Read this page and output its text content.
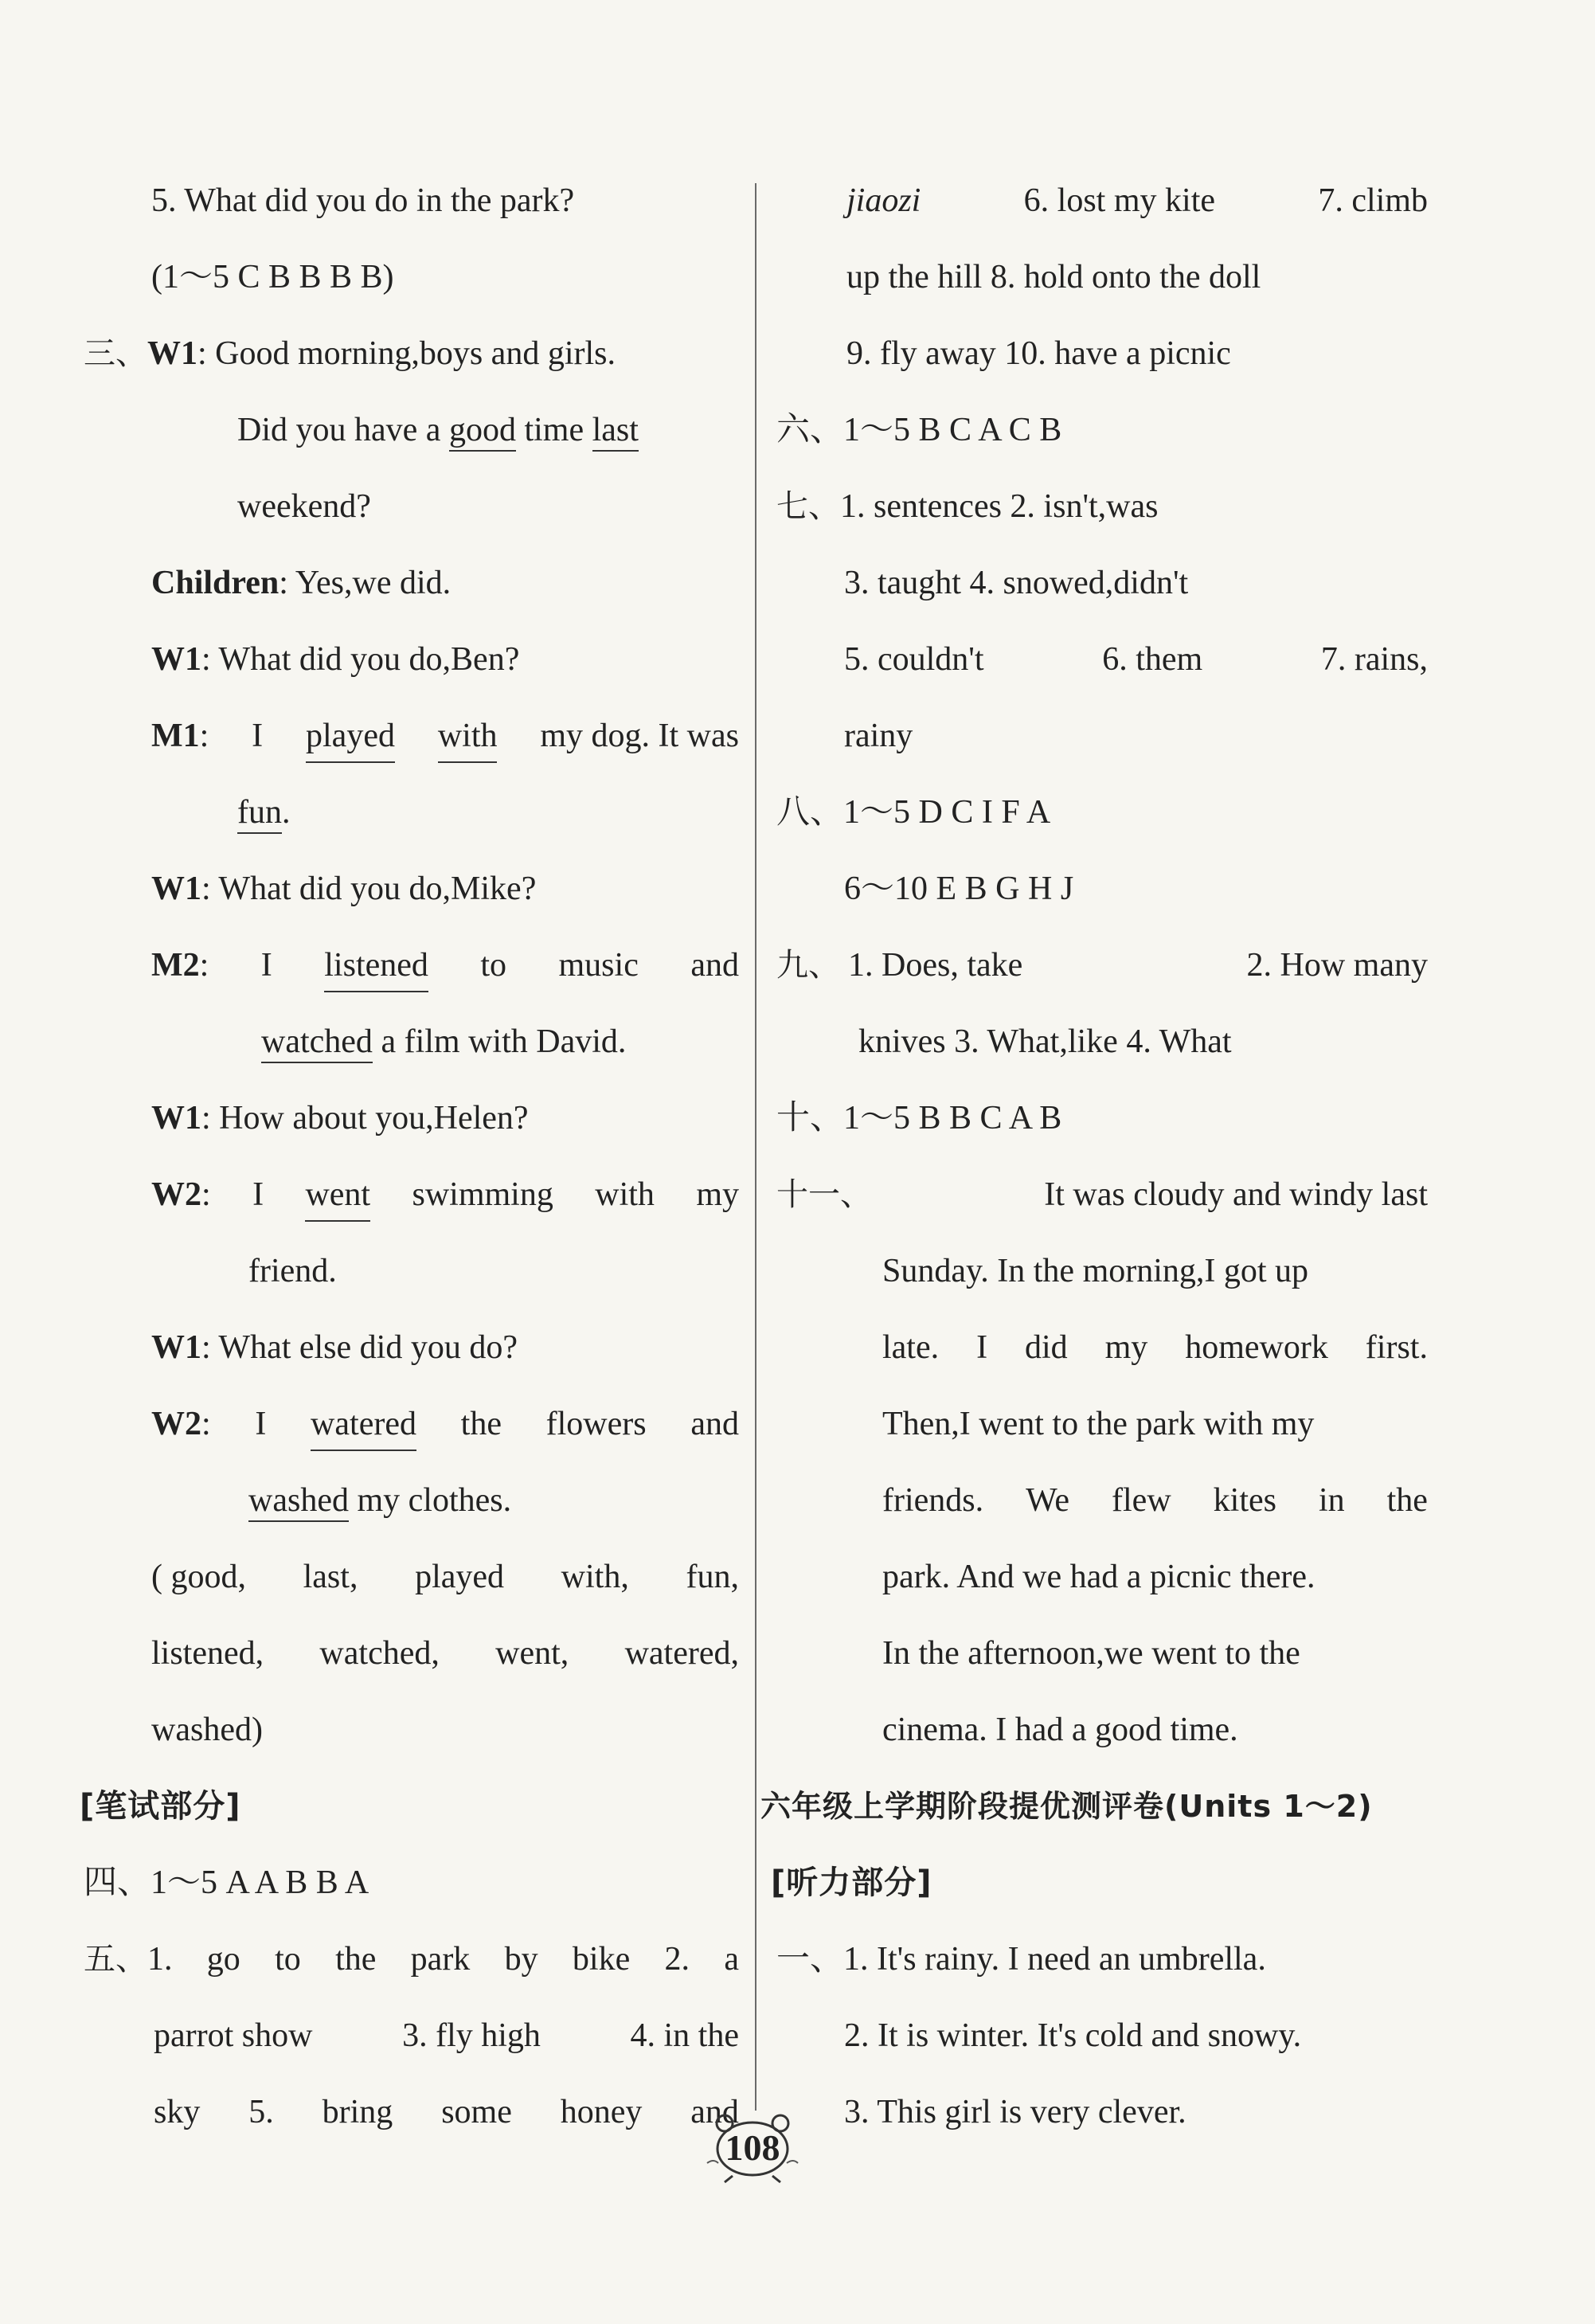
5. What did you do in the park?
(1～5 C B B B B)
三、W1: Good morning,boys and girls.
Did you have a good time last
weekend?
Children: Yes,we did.
W1: What did you do,Ben?
M1: I played with my dog. It was
fun.
W1: What did you do,Mike?
M2: I listened to music and
watched a film with David.
W1: How about you,Helen?
W2: I went swimming with my
friend.
W1: What else did you do?
W2: I watered the flowers and
washed my clothes.
( good, last, played with, fun,
listened, watched, went, watered,
washed)
[笔试部分]
四、1～5 A A B B A
五、 1. go to the park by bike 2. a
parrot show	3. fly high	4. in the
sky 5. bring some honey and
jiaozi	6. lost my kite	7. climb
up the hill 8. hold onto the doll
9. fly away 10. have a picnic
六、1～5 B C A C B
七、1. sentences 2. isn't,was
3. taught 4. snowed,didn't
5. couldn't	6. them	7. rains,
rainy
八、1～5 D C I F A
6～10 E B G H J
九、 1. Does, take	2. How many
knives 3. What,like 4. What
十、1～5 B B C A B
十一、	It was cloudy and windy last
Sunday. In the morning,I got up
late. I did my homework first.
Then,I went to the park with my
friends. We flew kites in the
park. And we had a picnic there.
In the afternoon,we went to the
cinema. I had a good time.
六年级上学期阶段提优测评卷(Units 1～2)
[听力部分]
一、1. It's rainy. I need an umbrella.
2. It is winter. It's cold and snowy.
3. This girl is very clever.
108
